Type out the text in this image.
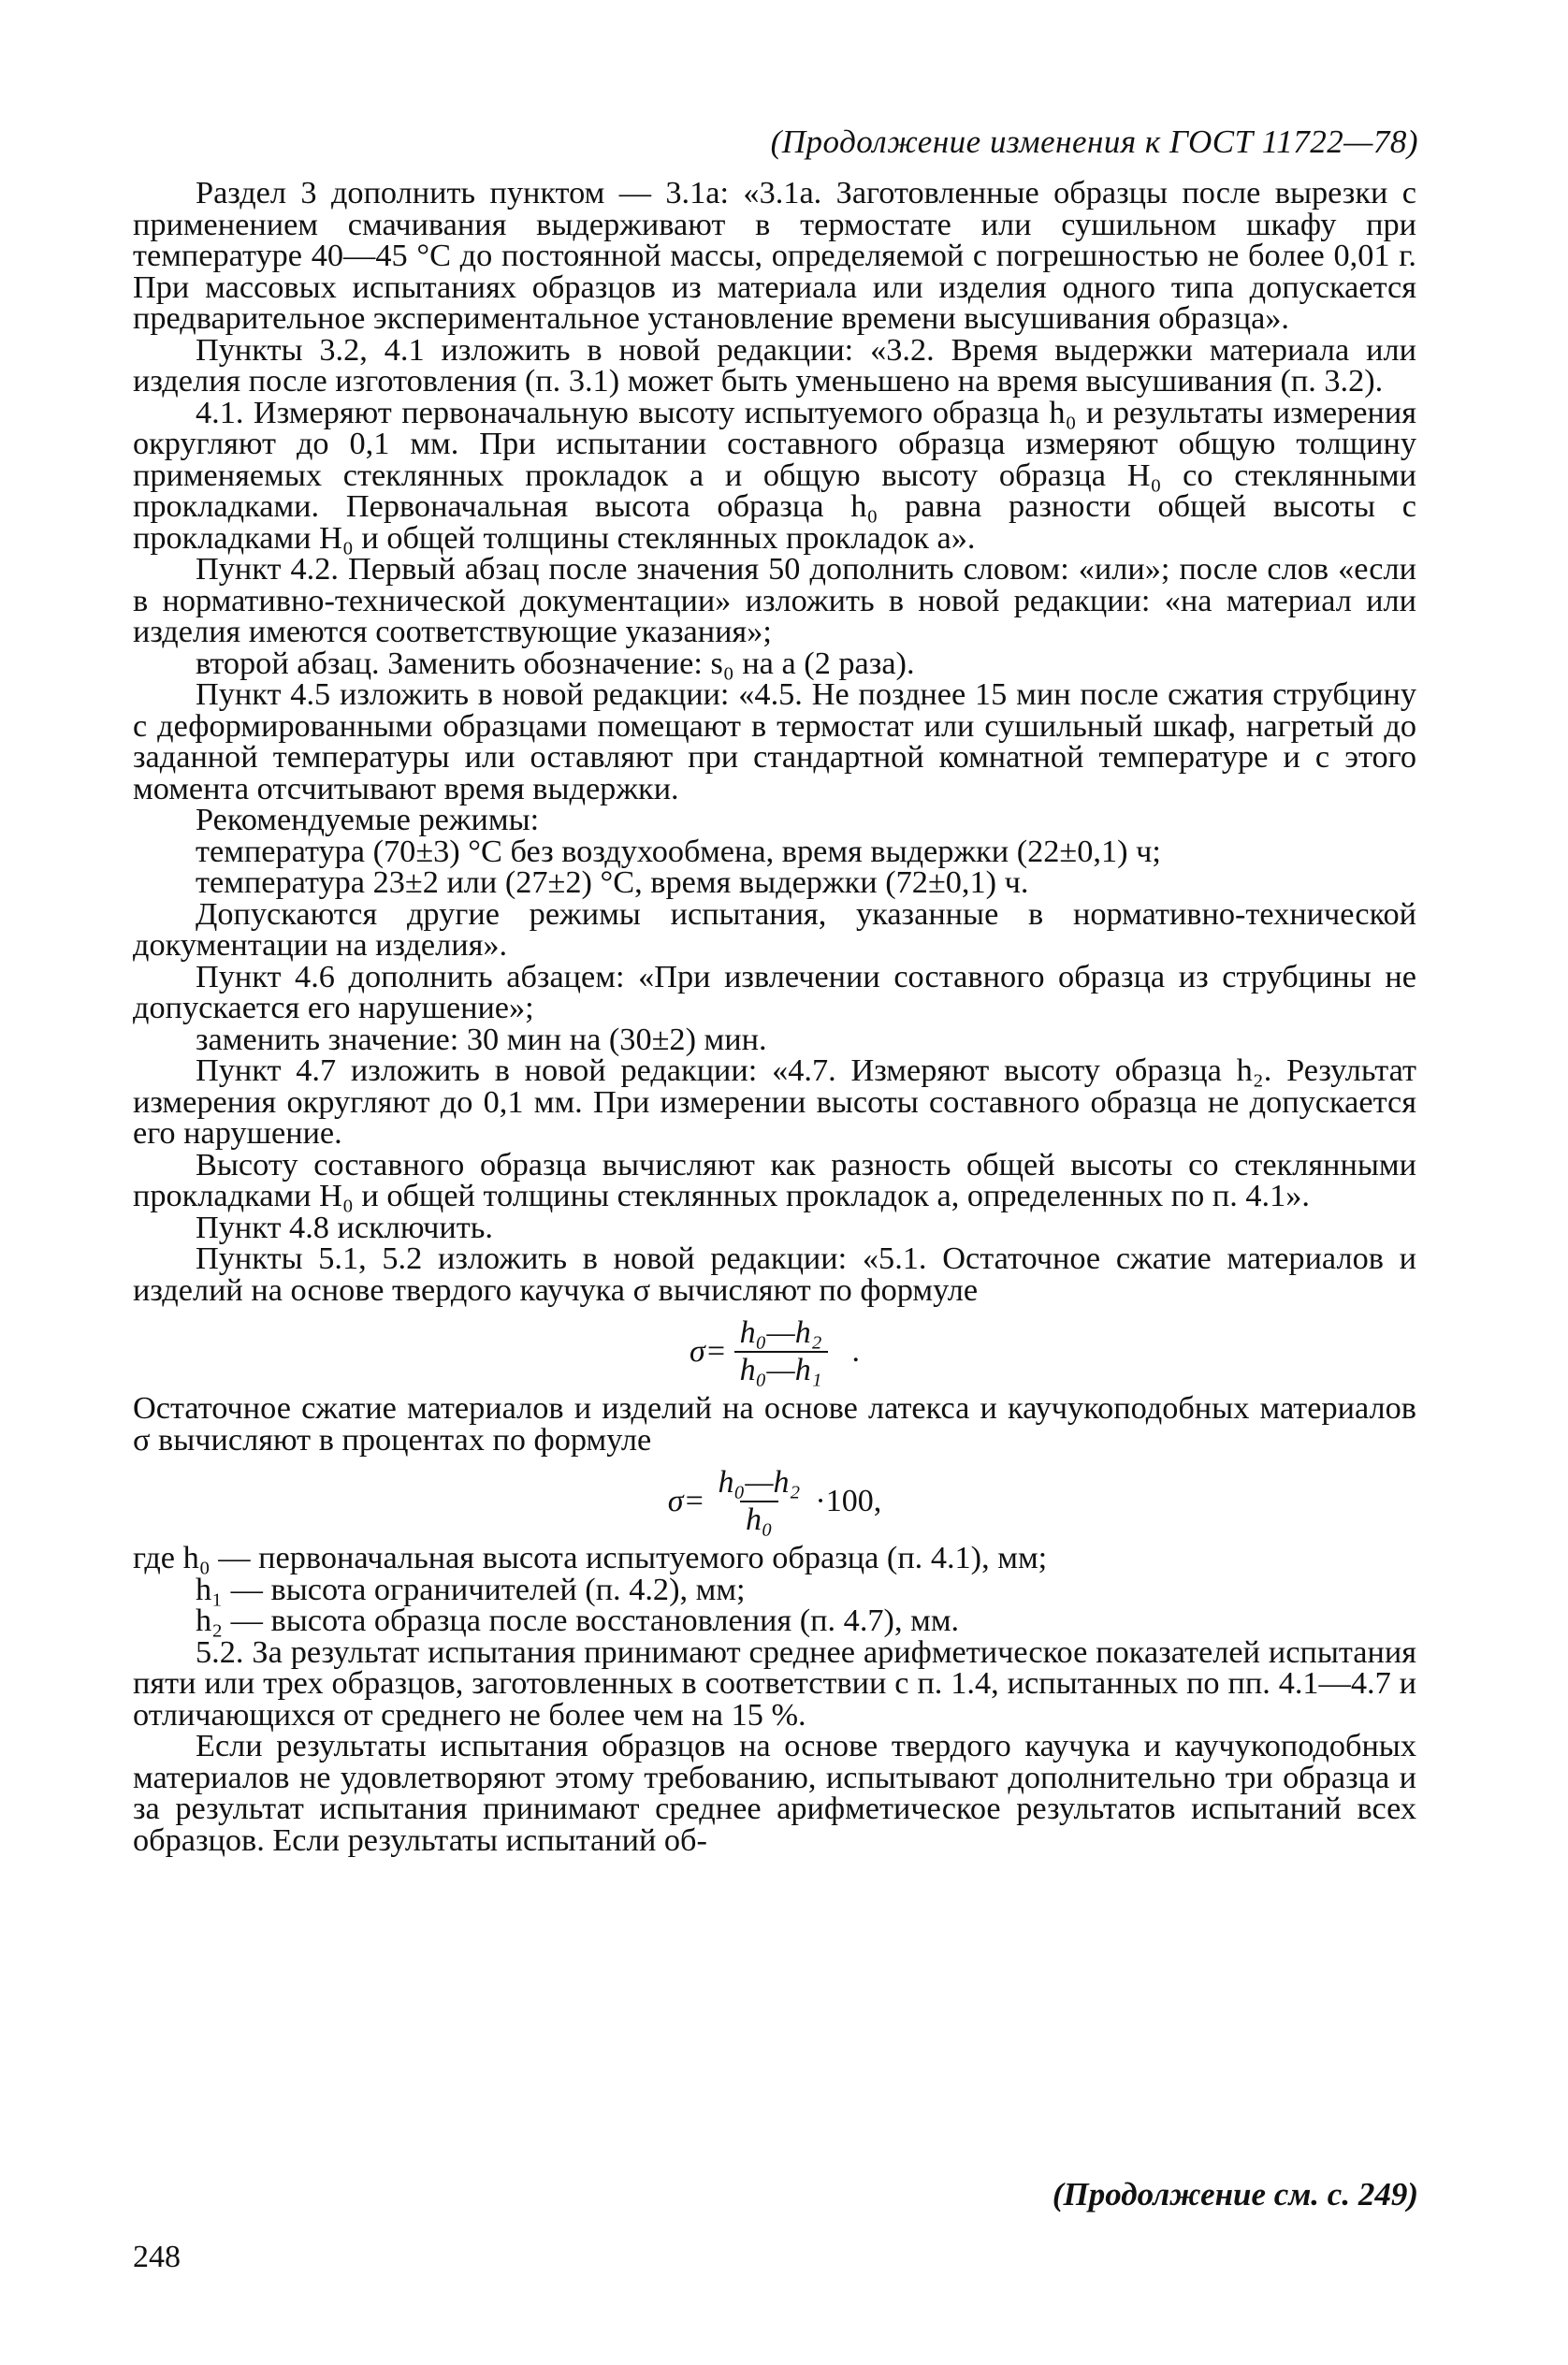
(Продолжение изменения к ГОСТ 11722—78)

Раздел 3 дополнить пунктом — 3.1а: «3.1а. Заготовленные образцы после вырезки с применением смачивания выдерживают в термостате или сушильном шкафу при температуре 40—45 °С до постоянной массы, определяемой с погрешностью не более 0,01 г. При массовых испытаниях образцов из материала или изделия одного типа допускается предварительное экспериментальное установление времени высушивания образца».

Пункты 3.2, 4.1 изложить в новой редакции: «3.2. Время выдержки материала или изделия после изготовления (п. 3.1) может быть уменьшено на время высушивания (п. 3.2).

4.1. Измеряют первоначальную высоту испытуемого образца h₀ и результаты измерения округляют до 0,1 мм. При испытании составного образца измеряют общую толщину применяемых стеклянных прокладок a и общую высоту образца H₀ со стеклянными прокладками. Первоначальная высота образца h₀ равна разности общей высоты с прокладками H₀ и общей толщины стеклянных прокладок a».

Пункт 4.2. Первый абзац после значения 50 дополнить словом: «или»; после слов «если в нормативно-технической документации» изложить в новой редакции: «на материал или изделия имеются соответствующие указания»;

второй абзац. Заменить обозначение: s₀ на a (2 раза).

Пункт 4.5 изложить в новой редакции: «4.5. Не позднее 15 мин после сжатия струбцину с деформированными образцами помещают в термостат или сушильный шкаф, нагретый до заданной температуры или оставляют при стандартной комнатной температуре и с этого момента отсчитывают время выдержки.

Рекомендуемые режимы:

температура (70±3) °С без воздухообмена, время выдержки (22±0,1) ч;

температура 23±2 или (27±2) °С, время выдержки (72±0,1) ч.

Допускаются другие режимы испытания, указанные в нормативно-технической документации на изделия».

Пункт 4.6 дополнить абзацем: «При извлечении составного образца из струбцины не допускается его нарушение»;

заменить значение: 30 мин на (30±2) мин.

Пункт 4.7 изложить в новой редакции: «4.7. Измеряют высоту образца h₂. Результат измерения округляют до 0,1 мм. При измерении высоты составного образца не допускается его нарушение.

Высоту составного образца вычисляют как разность общей высоты со стеклянными прокладками H₀ и общей толщины стеклянных прокладок a, определенных по п. 4.1».

Пункт 4.8 исключить.

Пункты 5.1, 5.2 изложить в новой редакции: «5.1. Остаточное сжатие материалов и изделий на основе твердого каучука σ вычисляют по формуле

$\sigma= \frac{\text{h₀—h₂}}{\text{h₀—h₁}}$ .

Остаточное сжатие материалов и изделий на основе латекса и каучукоподобных материалов σ вычисляют в процентах по формуле

$\sigma= \frac{\text{h₀—h₂}}{\text{h₀}} \cdot 100$,

где h₀ — первоначальная высота испытуемого образца (п. 4.1), мм;

h₁ — высота ограничителей (п. 4.2), мм;

h₂ — высота образца после восстановления (п. 4.7), мм.

5.2. За результат испытания принимают среднее арифметическое показателей испытания пяти или трех образцов, заготовленных в соответствии с п. 1.4, испытанных по пп. 4.1—4.7 и отличающихся от среднего не более чем на 15 %.

Если результаты испытания образцов на основе твердого каучука и каучукоподобных материалов не удовлетворяют этому требованию, испытывают дополнительно три образца и за результат испытания принимают среднее арифметическое результатов испытаний всех образцов. Если результаты испытаний об-

(Продолжение см. с. 249)
248
